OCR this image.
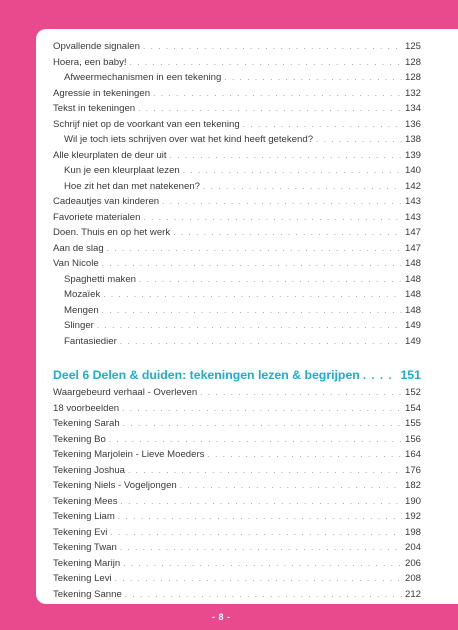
Opvallende signalen . . .	125
Hoera, een baby! . . .	128
Afweermechanismen in een tekening . . .	128
Agressie in tekeningen . . .	132
Tekst in tekeningen . . .	134
Schrijf niet op de voorkant van een tekening . . .	136
Wil je toch iets schrijven over wat het kind heeft getekend? . . .	138
Alle kleurplaten de deur uit . . .	139
Kun je een kleurplaat lezen . . .	140
Hoe zit het dan met natekenen? . . .	142
Cadeautjes van kinderen . . .	143
Favoriete materialen . . .	143
Doen. Thuis en op het werk . . .	147
Aan de slag . . .	147
Van Nicole . . .	148
Spaghetti maken . . .	148
Mozaïek . . .	148
Mengen . . .	148
Slinger . . .	149
Fantasiedier . . .	149
Deel 6 Delen & duiden: tekeningen lezen & begrijpen . . .	151
Waargebeurd verhaal - Overleven . . .	152
18 voorbeelden . . .	154
Tekening Sarah . . .	155
Tekening Bo . . .	156
Tekening Marjolein - Lieve Moeders . . .	164
Tekening Joshua . . .	176
Tekening Niels - Vogeljongen . . .	182
Tekening Mees . . .	190
Tekening Liam . . .	192
Tekening Evi . . .	198
Tekening Twan . . .	204
Tekening Marijn . . .	206
Tekening Levi . . .	208
Tekening Sanne . . .	212
- 8 -
